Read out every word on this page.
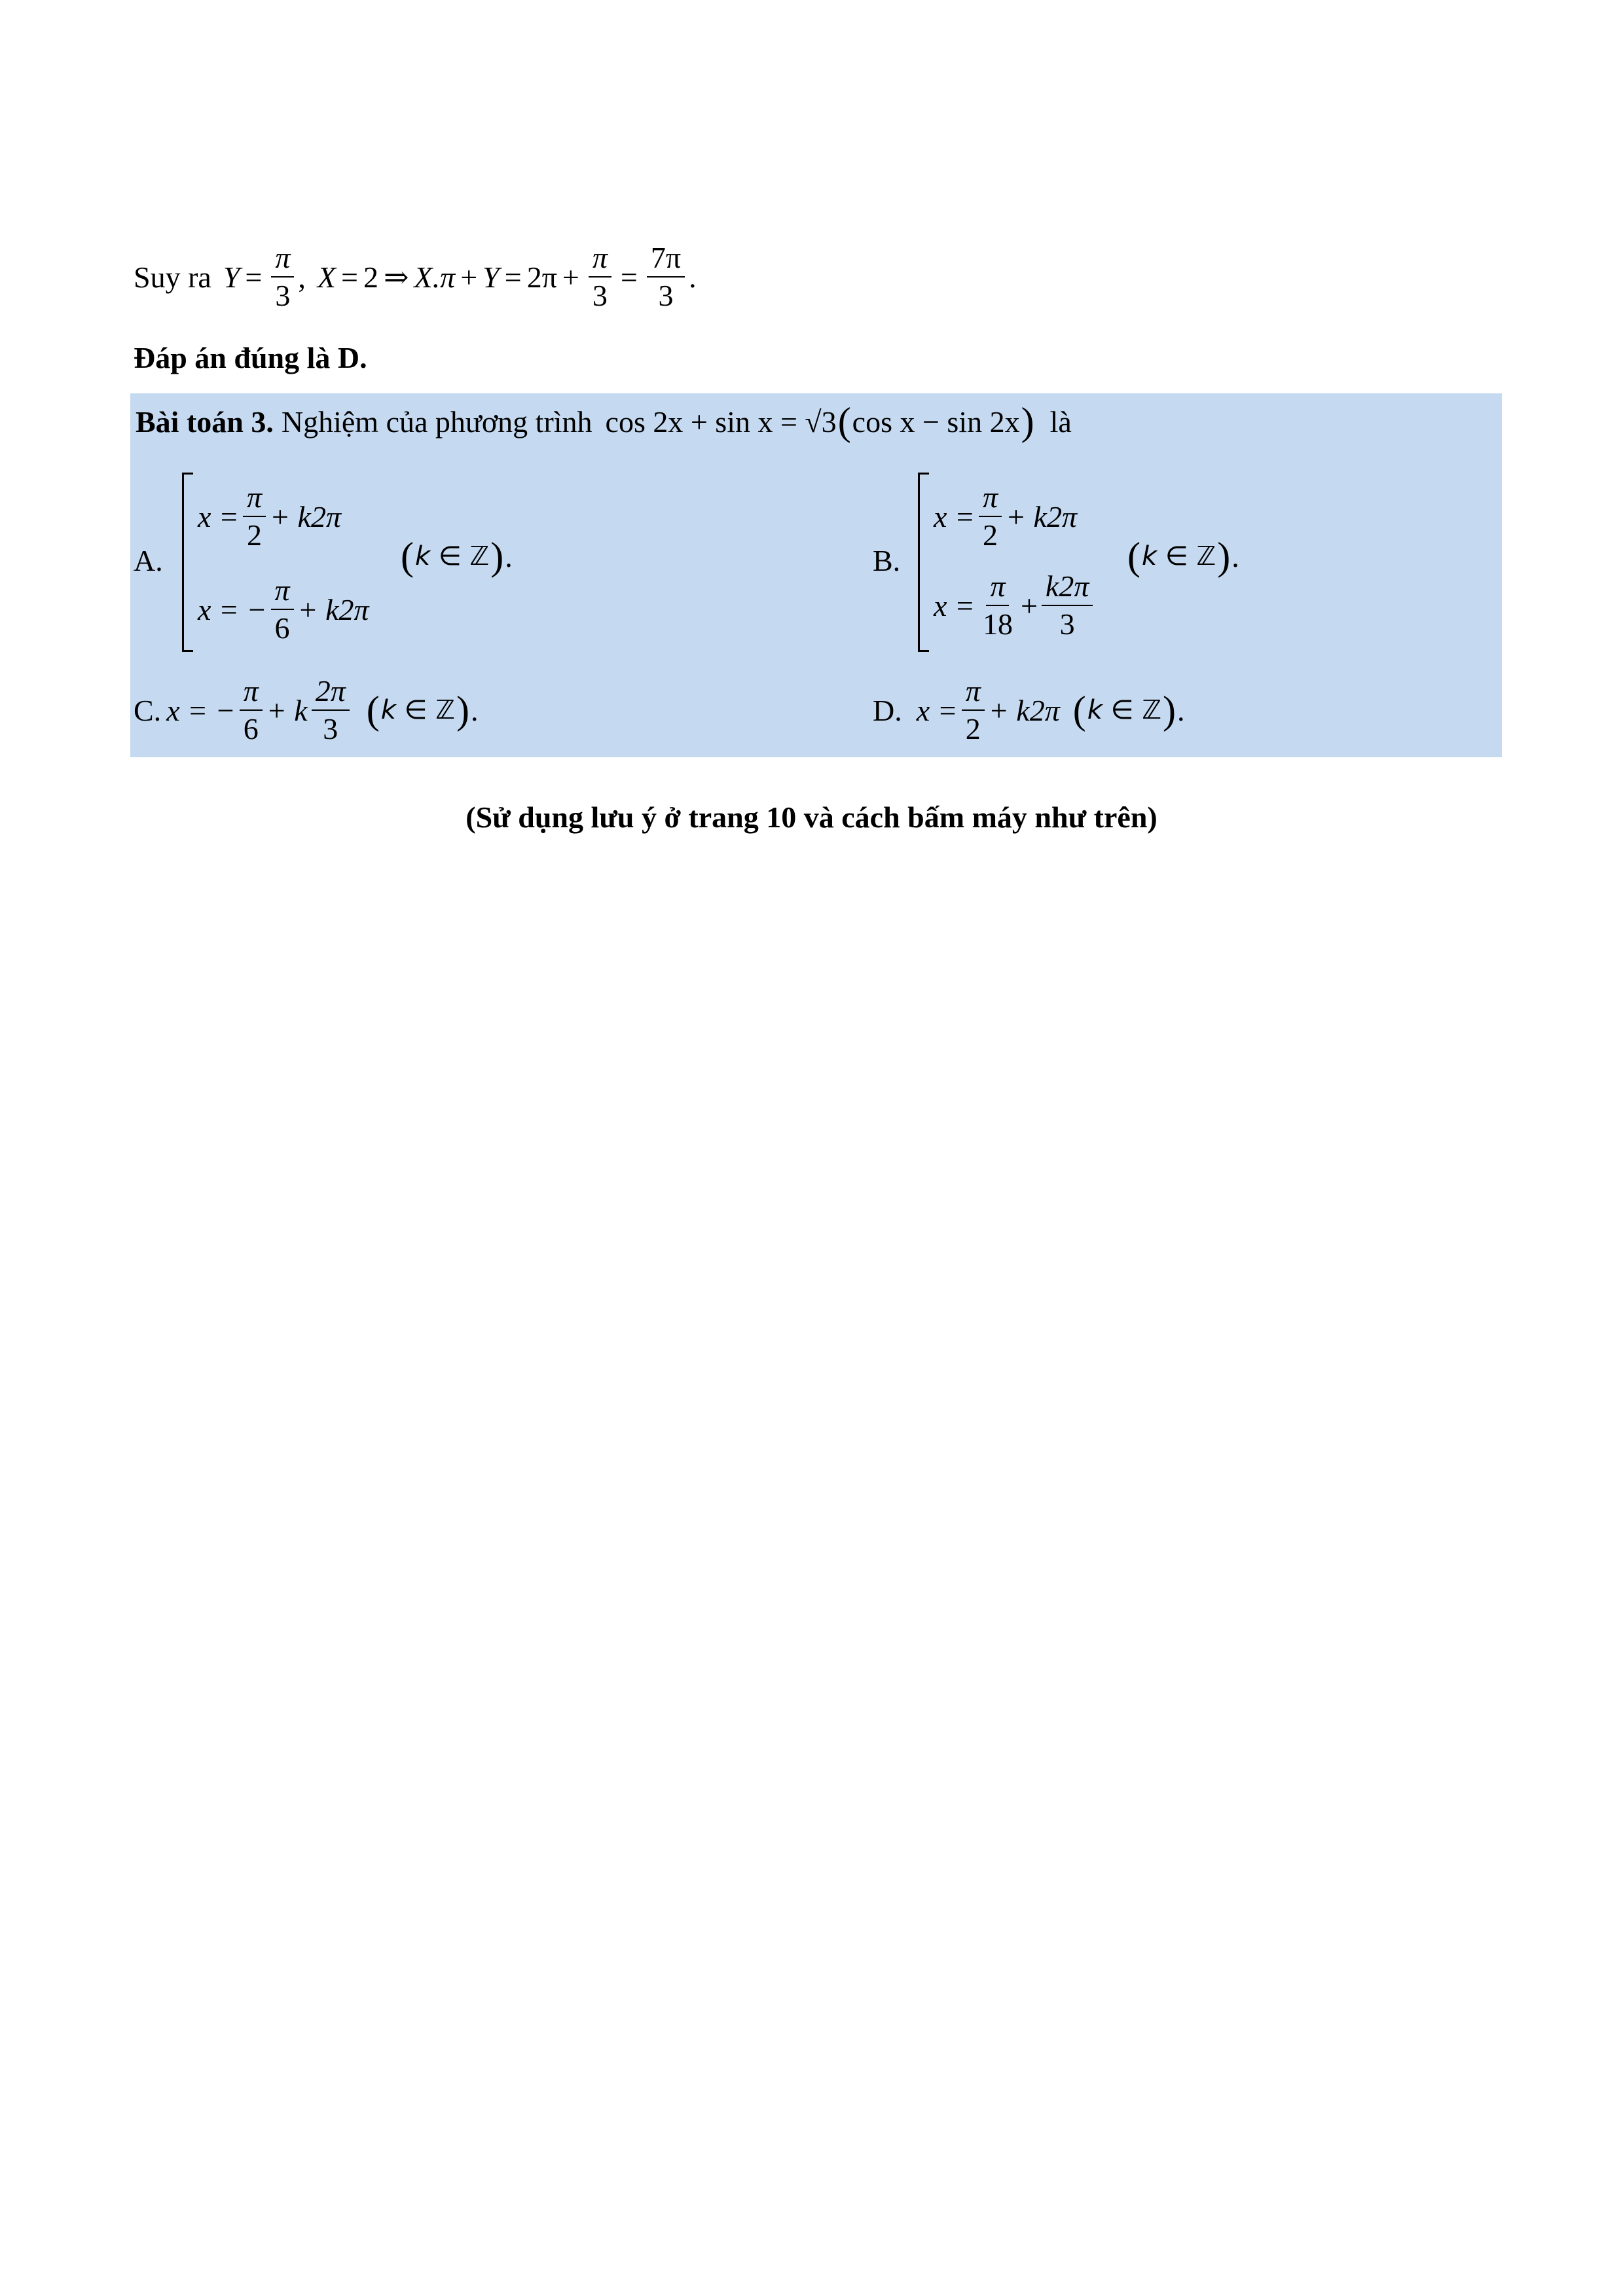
Suy ra $Y = \frac{\pi}{3}$ , X = 2 ⇒ $X.\pi + Y = 2\pi + \frac{\pi}{3} = \frac{7\pi}{3}$ .
Đáp án đúng là D.
Bài toán 3. Nghiệm của phương trình cos 2x + sin x = √3 ( cos x − sin 2x ) là
A.
$x = \frac{\pi}{2} + k2\pi$
x = − $\frac{\pi}{6} + k2\pi$
( k ∈ ℤ ) .	B.
$x = \frac{\pi}{2} + k2\pi$
$x = \frac{\pi}{18} + \frac{k2\pi}{3}$
( k ∈ ℤ ) .
C. x = − $\frac{\pi}{6} + k \frac{2\pi}{3}$ ( k ∈ ℤ ) .	D. $x = \frac{\pi}{2} + k2\pi$ ( k ∈ ℤ ) .
(Sử dụng lưu ý ở trang 10 và cách bấm máy như trên)
